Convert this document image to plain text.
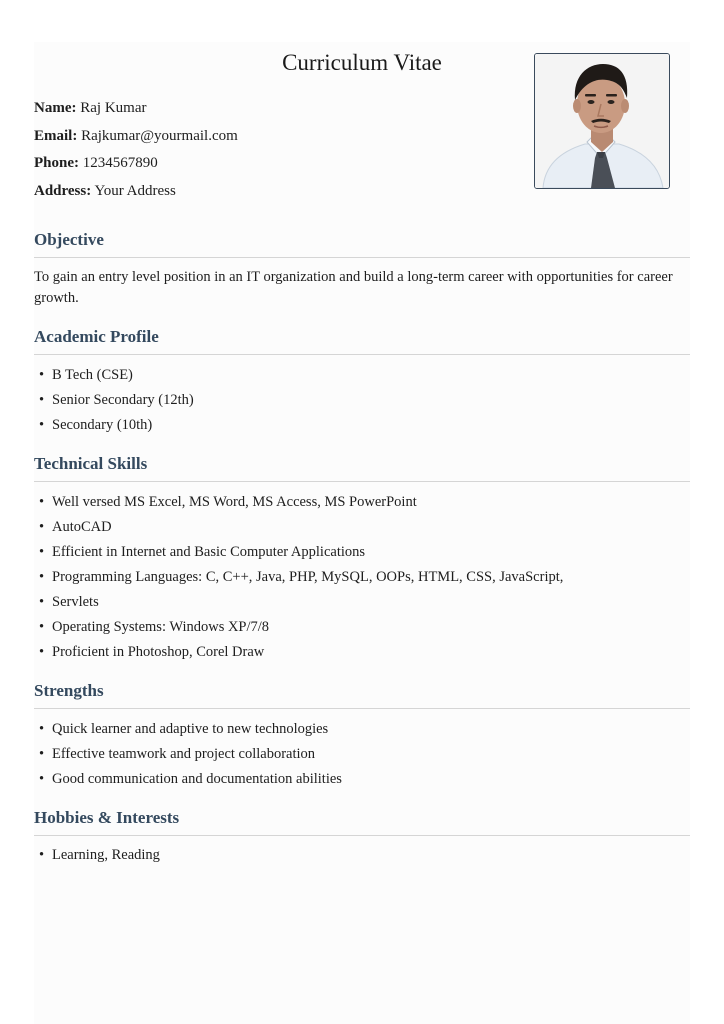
Curriculum Vitae
Name: Raj Kumar
Email: Rajkumar@yourmail.com
Phone: 1234567890
Address: Your Address
Objective

To gain an entry level position in an IT organization and build a long-term career with opportunities for career growth.

Academic Profile
• B Tech (CSE)
• Senior Secondary (12th)
• Secondary (10th)
Technical Skills
• Well versed MS Excel, MS Word, MS Access, MS PowerPoint
• AutoCAD
• Efficient in Internet and Basic Computer Applications
• Programming Languages: C, C++, Java, PHP, MySQL, OOPs, HTML, CSS, JavaScript,
• Servlets
• Operating Systems: Windows XP/7/8
• Proficient in Photoshop, Corel Draw
Strengths
• Quick learner and adaptive to new technologies
• Effective teamwork and project collaboration
• Good communication and documentation abilities
Hobbies & Interests
• Learning, Reading
